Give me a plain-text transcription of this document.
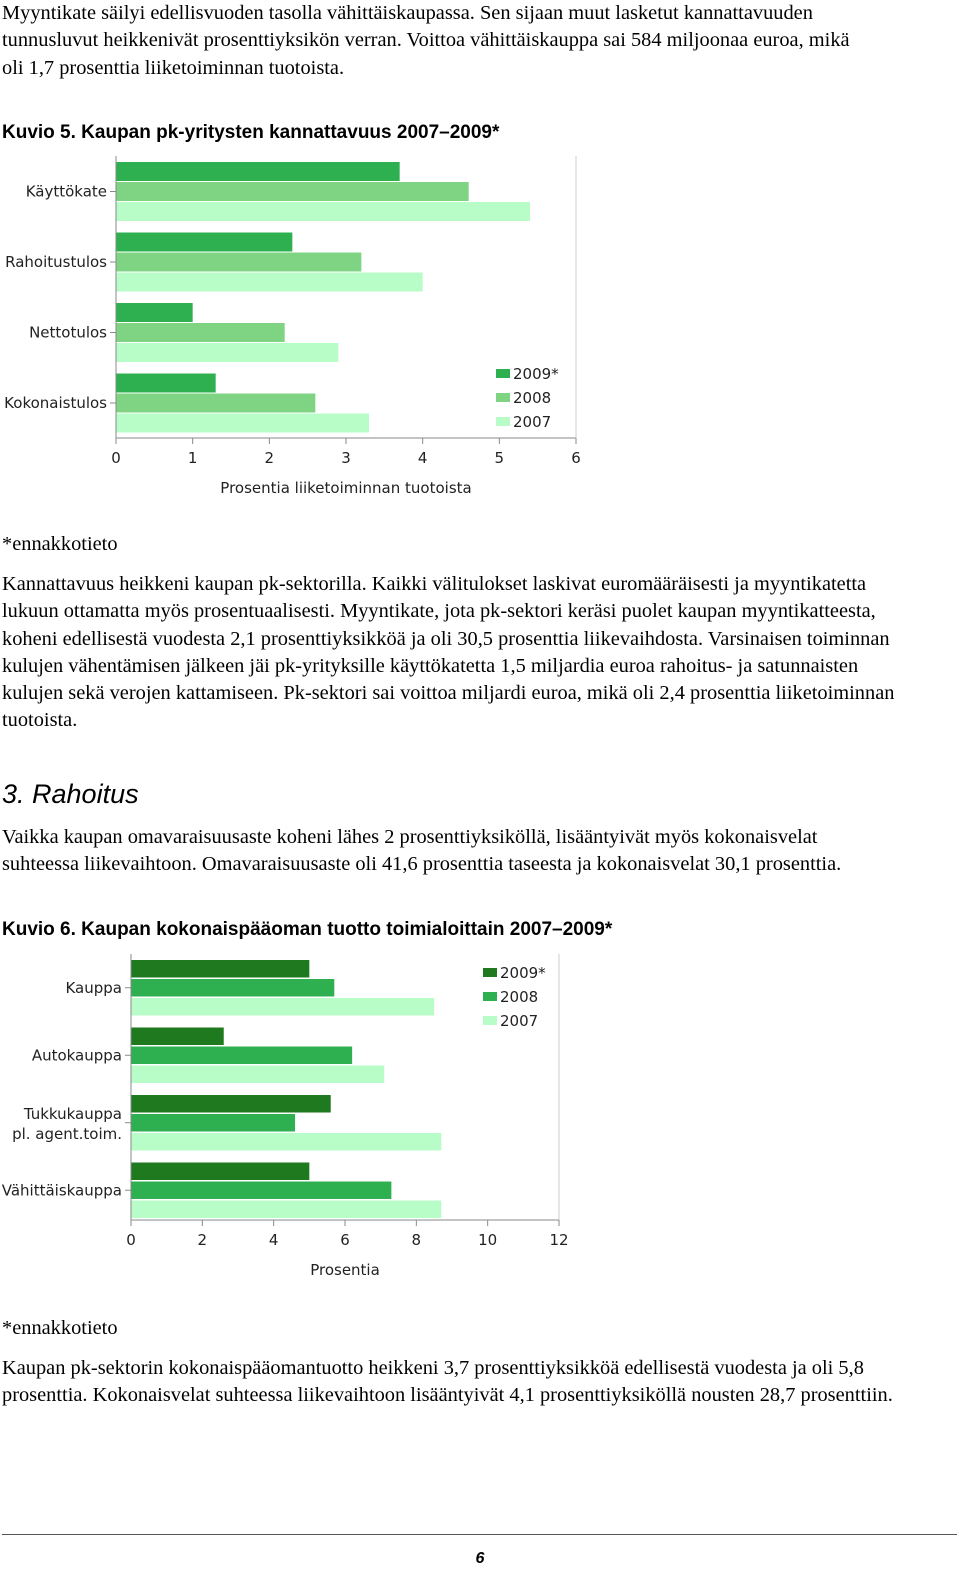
Myyntikate säilyi edellisvuoden tasolla vähittäiskaupassa. Sen sijaan muut lasketut kannattavuuden
tunnusluvut heikkenivät prosenttiyksikön verran. Voittoa vähittäiskauppa sai 584 miljoonaa euroa, mikä
oli 1,7 prosenttia liiketoiminnan tuotoista.
Kuvio 5. Kaupan pk-yritysten kannattavuus 2007–2009*
Käyttökate
Rahoitustulos
Nettotulos
Kokonaistulos
0	1	2	3	4	5	6
Prosentia liiketoiminnan tuotoista
2009*
2008
2007
*ennakkotieto
Kannattavuus heikkeni kaupan pk-sektorilla. Kaikki välitulokset laskivat euromääräisesti ja myyntikatetta
lukuun ottamatta myös prosentuaalisesti. Myyntikate, jota pk-sektori keräsi puolet kaupan myyntikatteesta,
koheni edellisestä vuodesta 2,1 prosenttiyksikköä ja oli 30,5 prosenttia liikevaihdosta. Varsinaisen toiminnan
kulujen vähentämisen jälkeen jäi pk-yrityksille käyttökatetta 1,5 miljardia euroa rahoitus- ja satunnaisten
kulujen sekä verojen kattamiseen. Pk-sektori sai voittoa miljardi euroa, mikä oli 2,4 prosenttia liiketoiminnan
tuotoista.
3. Rahoitus
Vaikka kaupan omavaraisuusaste koheni lähes 2 prosenttiyksiköllä, lisääntyivät myös kokonaisvelat
suhteessa liikevaihtoon. Omavaraisuusaste oli 41,6 prosenttia taseesta ja kokonaisvelat 30,1 prosenttia.
Kuvio 6. Kaupan kokonaispääoman tuotto toimialoittain 2007–2009*
Kauppa
Autokauppa
Tukkukauppa pl. agent.toim.
Vähittäiskauppa
0	2	4	6	8	10	12
Prosentia
2009*
2008
2007
*ennakkotieto
Kaupan pk-sektorin kokonaispääomantuotto heikkeni 3,7 prosenttiyksikköä edellisestä vuodesta ja oli 5,8
prosenttia. Kokonaisvelat suhteessa liikevaihtoon lisääntyivät 4,1 prosenttiyksiköllä nousten 28,7 prosenttiin.
6
